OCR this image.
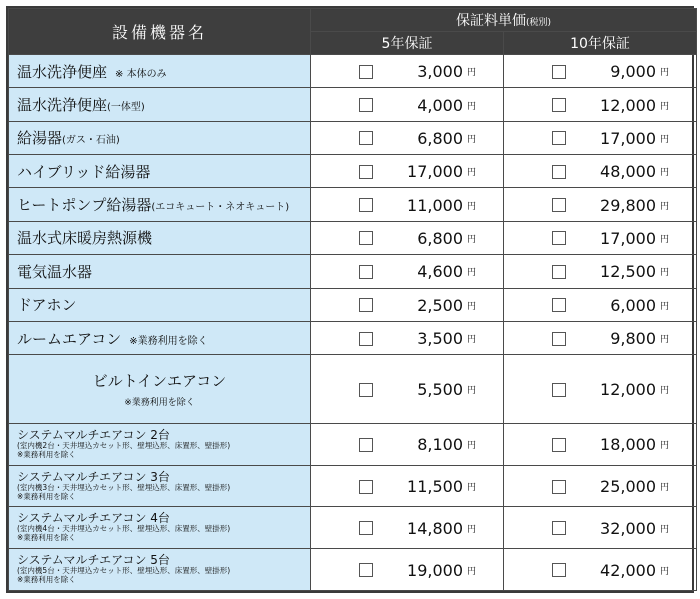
設備機器名	保証料単価(税別)	
	5年保証	10年保証
温水洗浄便座 ※ 本体のみ	3,000 円	9,000 円
温水洗浄便座(一体型)	4,000 円	12,000 円
給湯器(ガス・石油)	6,800 円	17,000 円
ハイブリッド給湯器	17,000 円	48,000 円
ヒートポンプ給湯器(エコキュート・ネオキュート)	11,000 円	29,800 円
温水式床暖房熱源機	6,800 円	17,000 円
電気温水器	4,600 円	12,500 円
ドアホン	2,500 円	6,000 円
ルームエアコン ※業務利用を除く	3,500 円	9,800 円
ビルトインエアコン
※業務利用を除く	5,500 円	12,000 円
システムマルチエアコン 2台
(室内機2台・天井埋込カセット形、壁埋込形、床置形、壁掛形)
※業務利用を除く	8,100 円	18,000 円
システムマルチエアコン 3台
(室内機3台・天井埋込カセット形、壁埋込形、床置形、壁掛形)
※業務利用を除く	11,500 円	25,000 円
システムマルチエアコン 4台
(室内機4台・天井埋込カセット形、壁埋込形、床置形、壁掛形)
※業務利用を除く	14,800 円	32,000 円
システムマルチエアコン 5台
(室内機5台・天井埋込カセット形、壁埋込形、床置形、壁掛形)
※業務利用を除く	19,000 円	42,000 円
